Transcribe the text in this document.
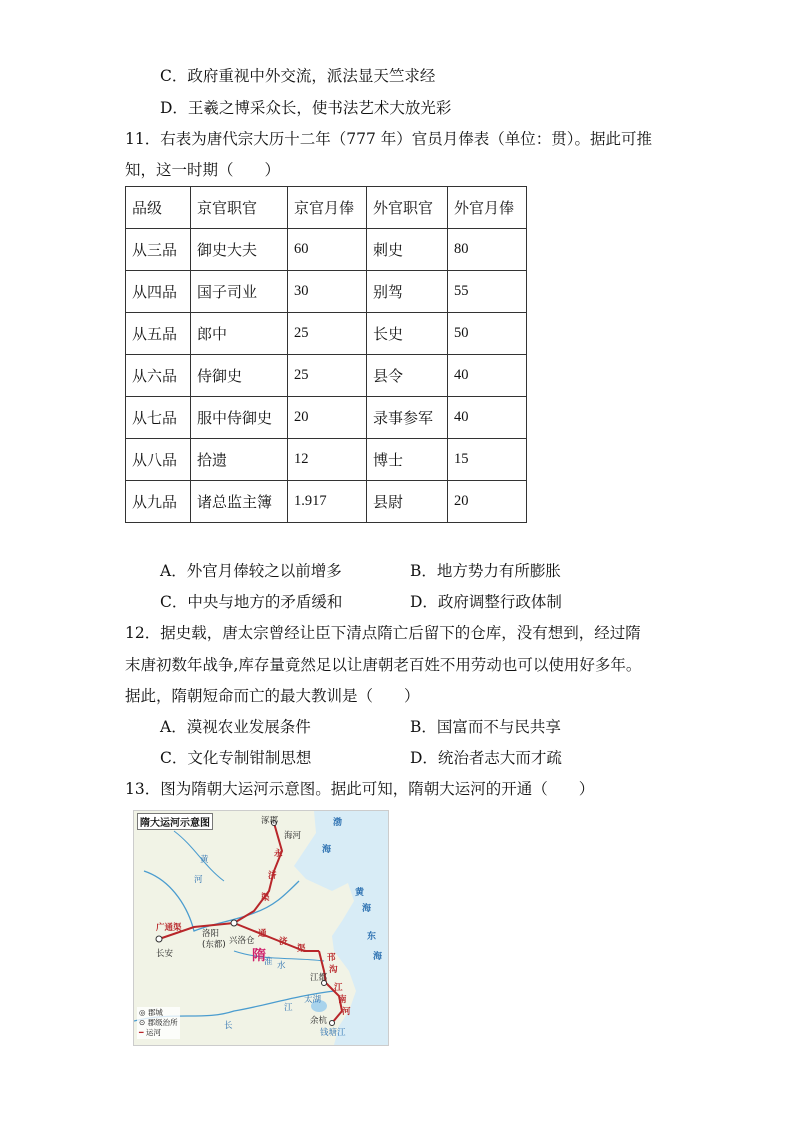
C．政府重视中外交流，派法显天竺求经
D．王羲之博采众长，使书法艺术大放光彩
11．右表为唐代宗大历十二年（777 年）官员月俸表（单位：贯）。据此可推
知，这一时期（　　）
品级	京官职官	京官月俸	外官职官	外官月俸
从三品	御史大夫	60	刺史	80
从四品	国子司业	30	别驾	55
从五品	郎中	25	长史	50
从六品	侍御史	25	县令	40
从七品	服中侍御史	20	录事参军	40
从八品	拾遗	12	博士	15
从九品	诸总监主簿	1.917	县尉	20
A．外官月俸较之以前增多	B．地方势力有所膨胀
C．中央与地方的矛盾缓和	D．政府调整行政体制
12．据史载，唐太宗曾经让臣下清点隋亡后留下的仓库，没有想到，经过隋
末唐初数年战争,库存量竟然足以让唐朝老百姓不用劳动也可以使用好多年。
据此，隋朝短命而亡的最大教训是（　　）
A．漠视农业发展条件	B．国富而不与民共享
C．文化专制钳制思想	D．统治者志大而才疏
13．图为隋朝大运河示意图。据此可知，隋朝大运河的开通（　　）
隋大运河示意图	涿郡
海河
渤
海
黄
海
东
海
黄
河
洛阳
(东都) 兴洛仓
长安	隋
江都
太湖
余杭
钱塘江
淮 水
长
江
广通渠
永
济
渠
通
济
渠
邗
沟
江
南
河
◎ 郡城
⊙ 郡级治所
━ 运河
